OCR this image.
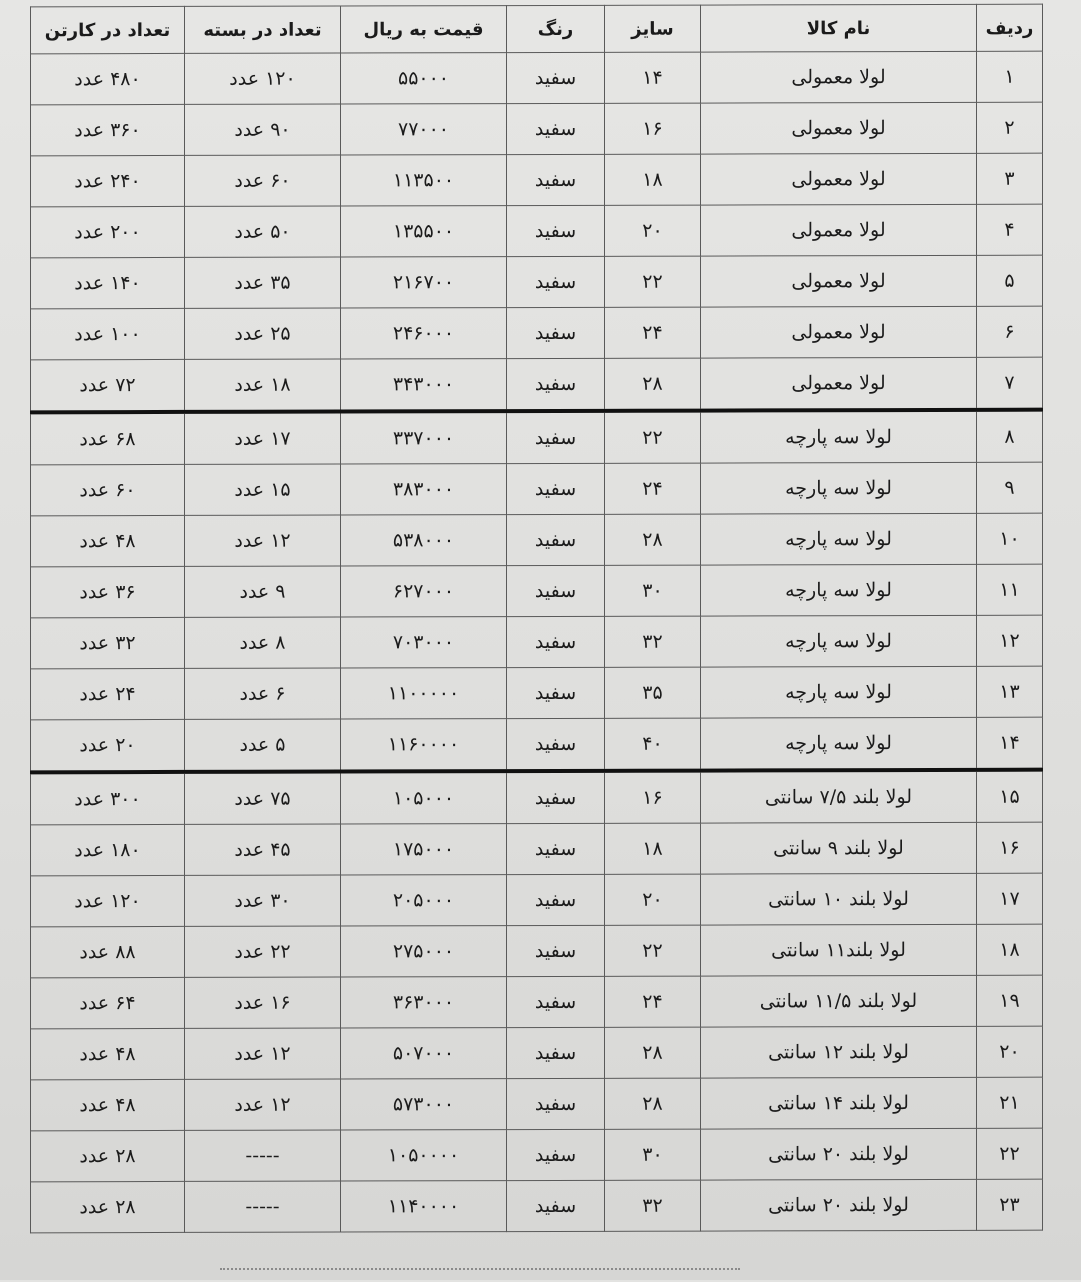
ردیف	نام کالا	سایز	رنگ	قیمت به ریال	تعداد در بسته	تعداد در کارتن
۱	لولا معمولی	۱۴	سفید	۵۵۰۰۰	۱۲۰ عدد	۴۸۰ عدد
۲	لولا معمولی	۱۶	سفید	۷۷۰۰۰	۹۰ عدد	۳۶۰ عدد
۳	لولا معمولی	۱۸	سفید	۱۱۳۵۰۰	۶۰ عدد	۲۴۰ عدد
۴	لولا معمولی	۲۰	سفید	۱۳۵۵۰۰	۵۰ عدد	۲۰۰ عدد
۵	لولا معمولی	۲۲	سفید	۲۱۶۷۰۰	۳۵ عدد	۱۴۰ عدد
۶	لولا معمولی	۲۴	سفید	۲۴۶۰۰۰	۲۵ عدد	۱۰۰ عدد
۷	لولا معمولی	۲۸	سفید	۳۴۳۰۰۰	۱۸ عدد	۷۲ عدد
۸	لولا سه پارچه	۲۲	سفید	۳۳۷۰۰۰	۱۷ عدد	۶۸ عدد
۹	لولا سه پارچه	۲۴	سفید	۳۸۳۰۰۰	۱۵ عدد	۶۰ عدد
۱۰	لولا سه پارچه	۲۸	سفید	۵۳۸۰۰۰	۱۲ عدد	۴۸ عدد
۱۱	لولا سه پارچه	۳۰	سفید	۶۲۷۰۰۰	۹ عدد	۳۶ عدد
۱۲	لولا سه پارچه	۳۲	سفید	۷۰۳۰۰۰	۸ عدد	۳۲ عدد
۱۳	لولا سه پارچه	۳۵	سفید	۱۱۰۰۰۰۰	۶ عدد	۲۴ عدد
۱۴	لولا سه پارچه	۴۰	سفید	۱۱۶۰۰۰۰	۵ عدد	۲۰ عدد
۱۵	لولا بلند ۷/۵ سانتی	۱۶	سفید	۱۰۵۰۰۰	۷۵ عدد	۳۰۰ عدد
۱۶	لولا بلند ۹ سانتی	۱۸	سفید	۱۷۵۰۰۰	۴۵ عدد	۱۸۰ عدد
۱۷	لولا بلند ۱۰ سانتی	۲۰	سفید	۲۰۵۰۰۰	۳۰ عدد	۱۲۰ عدد
۱۸	لولا بلند۱۱ سانتی	۲۲	سفید	۲۷۵۰۰۰	۲۲ عدد	۸۸ عدد
۱۹	لولا بلند ۱۱/۵ سانتی	۲۴	سفید	۳۶۳۰۰۰	۱۶ عدد	۶۴ عدد
۲۰	لولا بلند ۱۲ سانتی	۲۸	سفید	۵۰۷۰۰۰	۱۲ عدد	۴۸ عدد
۲۱	لولا بلند ۱۴ سانتی	۲۸	سفید	۵۷۳۰۰۰	۱۲ عدد	۴۸ عدد
۲۲	لولا بلند ۲۰ سانتی	۳۰	سفید	۱۰۵۰۰۰۰	-----	۲۸ عدد
۲۳	لولا بلند ۲۰ سانتی	۳۲	سفید	۱۱۴۰۰۰۰	-----	۲۸ عدد
